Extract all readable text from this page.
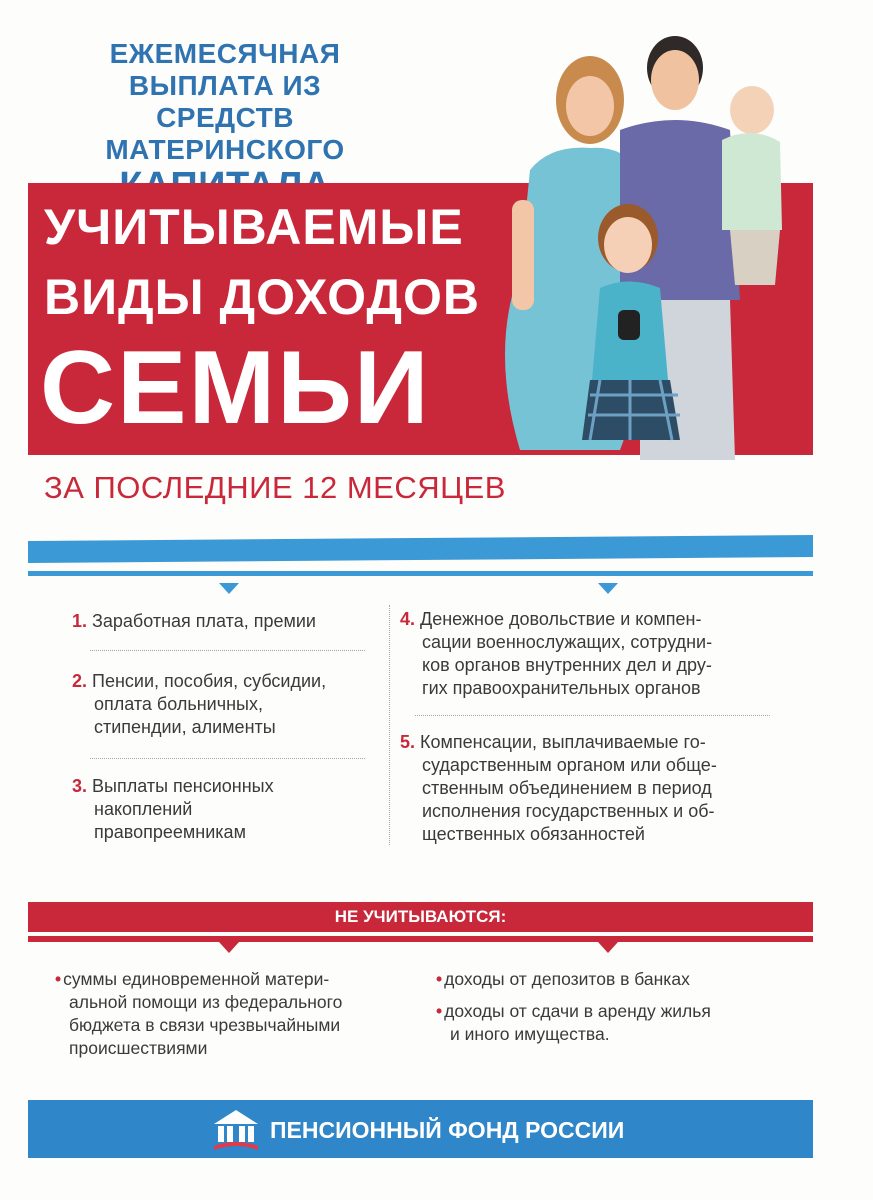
ЕЖЕМЕСЯЧНАЯ
ВЫПЛАТА ИЗ СРЕДСТВ
МАТЕРИНСКОГО
УЧИТЫВАЕМЫЕ
ВИДЫ ДОХОДОВ
СЕМЬИ
ЗА ПОСЛЕДНИЕ 12 МЕСЯЦЕВ
1. Заработная плата, премии
2. Пенсии, пособия, субсидии,
оплата больничных,
стипендии, алименты
3. Выплаты пенсионных
накоплений
правопреемникам
4. Денежное довольствие и компен-
сации военнослужащих, сотрудни-
ков органов внутренних дел и дру-
гих правоохранительных органов
5. Компенсации, выплачиваемые го-
сударственным органом или обще-
ственным объединением в период
исполнения государственных и об-
щественных обязанностей
НЕ УЧИТЫВАЮТСЯ:
• суммы единовременной матери-
альной помощи из федерального
бюджета в связи чрезвычайными
происшествиями
• доходы от депозитов в банках
• доходы от сдачи в аренду жилья
и иного имущества.
ПЕНСИОННЫЙ ФОНД РОССИИ
